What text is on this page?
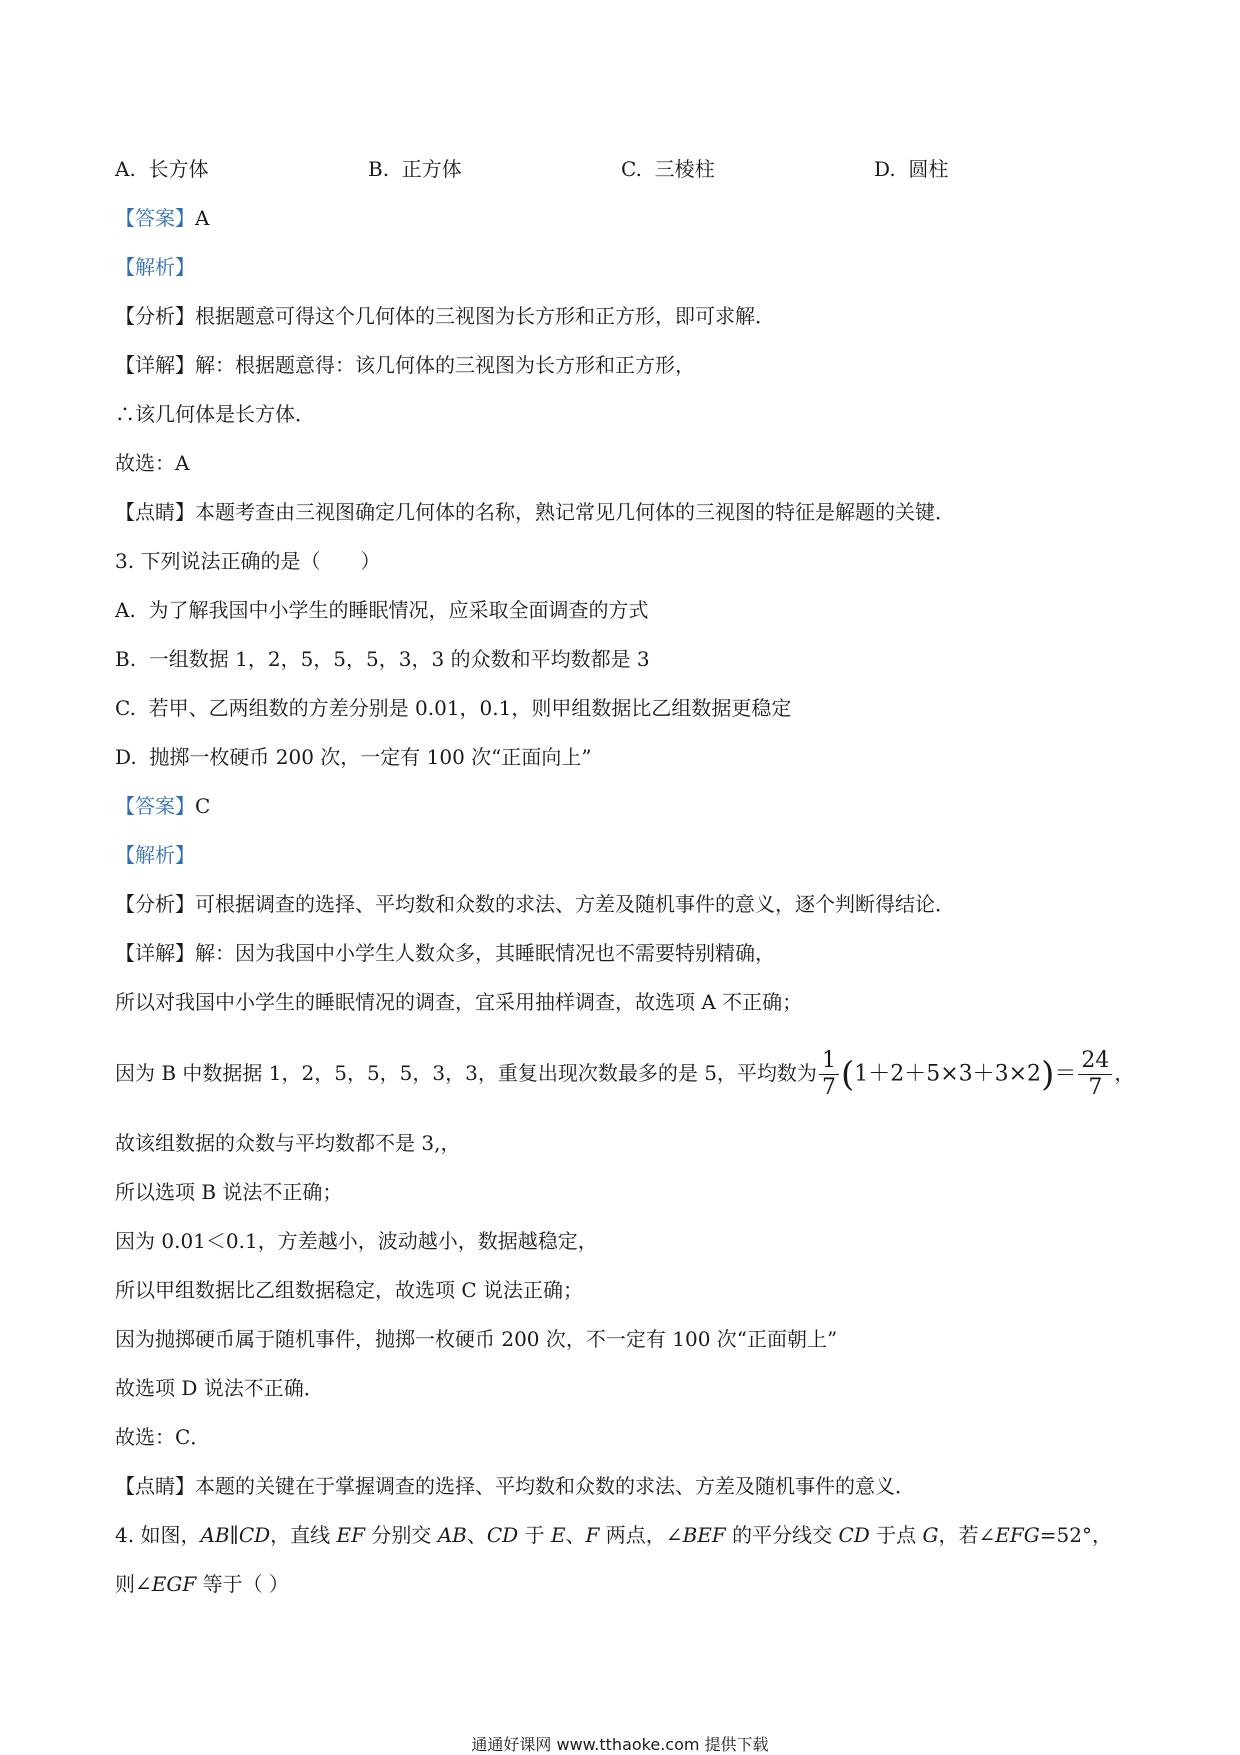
A. 长方体	B. 正方体	C. 三棱柱	D. 圆柱
【答案】A
【解析】
【分析】根据题意可得这个几何体的三视图为长方形和正方形，即可求解．
【详解】解：根据题意得：该几何体的三视图为长方形和正方形，
∴该几何体是长方体．
故选：A
【点睛】本题考查由三视图确定几何体的名称，熟记常见几何体的三视图的特征是解题的关键．
3. 下列说法正确的是（　　）
A. 为了解我国中小学生的睡眠情况，应采取全面调查的方式
B. 一组数据 1，2，5，5，5，3，3 的众数和平均数都是 3
C. 若甲、乙两组数的方差分别是 0.01，0.1，则甲组数据比乙组数据更稳定
D. 抛掷一枚硬币 200 次，一定有 100 次“正面向上”
【答案】C
【解析】
【分析】可根据调查的选择、平均数和众数的求法、方差及随机事件的意义，逐个判断得结论．
【详解】解：因为我国中小学生人数众多，其睡眠情况也不需要特别精确，
所以对我国中小学生的睡眠情况的调查，宜采用抽样调查，故选项 A 不正确；
因为 B 中数据据 1，2，5，5，5，3，3，重复出现次数最多的是 5，平均数为 $\frac{1}{7} (1+2+5\times 3+3\times 2)= \frac{24}{7}$ ，
故该组数据的众数与平均数都不是 3,，
所以选项 B 说法不正确；
因为 0.01＜0.1，方差越小，波动越小，数据越稳定，
所以甲组数据比乙组数据稳定，故选项 C 说法正确；
因为抛掷硬币属于随机事件，抛掷一枚硬币 200 次，不一定有 100 次“正面朝上”
故选项 D 说法不正确．
故选：C．
【点睛】本题的关键在于掌握调查的选择、平均数和众数的求法、方差及随机事件的意义．
4. 如图，AB∥CD，直线 EF 分别交 AB、CD 于 E、F 两点，∠BEF 的平分线交 CD 于点 G，若∠EFG=52°，
则∠EGF 等于（ ）
通通好课网 www.tthaoke.com 提供下载
